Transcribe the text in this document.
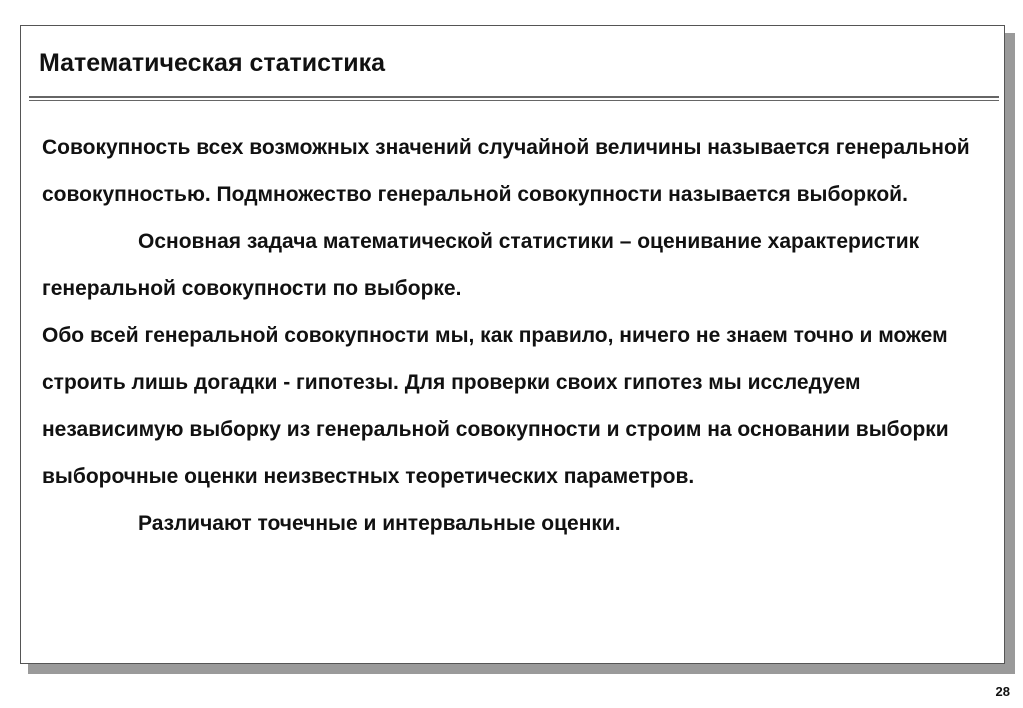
Математическая статистика

Совокупность всех возможных значений случайной величины называется генеральной совокупностью. Подмножество генеральной совокупности называется выборкой.

Основная задача математической статистики – оценивание характеристик генеральной совокупности по выборке.

Обо всей генеральной совокупности мы, как правило, ничего не знаем точно и можем строить лишь догадки - гипотезы. Для проверки своих гипотез мы исследуем независимую выборку из генеральной совокупности и строим на основании выборки выборочные оценки неизвестных теоретических параметров.

Различают точечные и интервальные оценки.

28
